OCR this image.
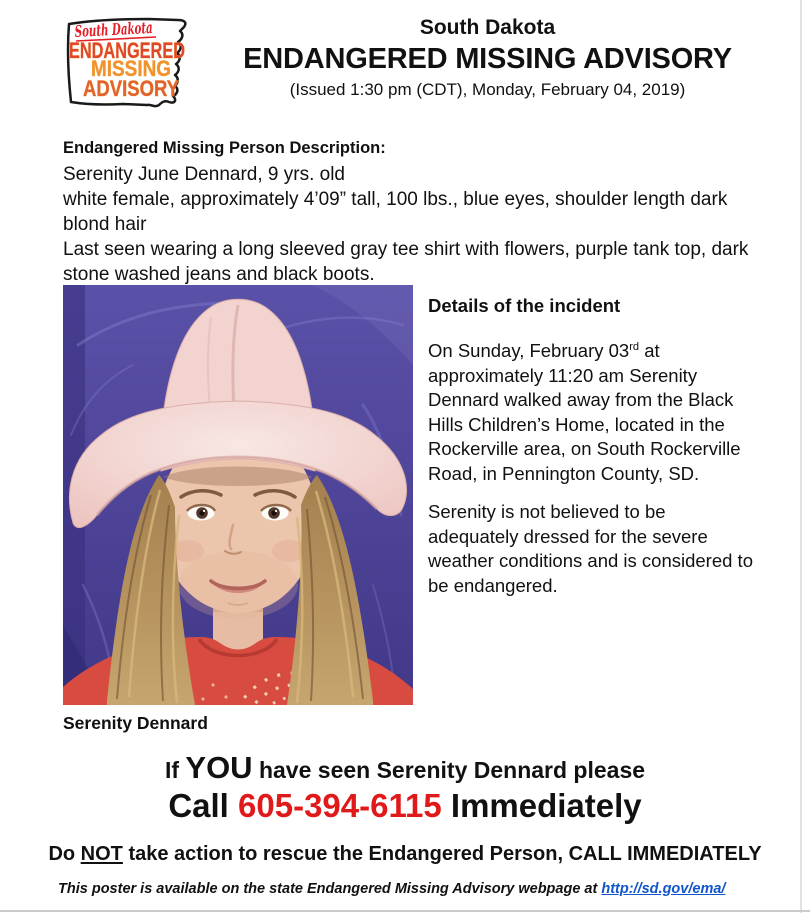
South Dakota
ENDANGERED
MISSING
ADVISORY
South Dakota
ENDANGERED MISSING ADVISORY
(Issued 1:30 pm (CDT), Monday, February 04, 2019)
Endangered Missing Person Description:
Serenity June Dennard, 9 yrs. old
white female, approximately 4’09” tall, 100 lbs., blue eyes, shoulder length dark blond hair
Last seen wearing a long sleeved gray tee shirt with flowers, purple tank top, dark stone washed jeans and black boots.
Serenity Dennard
Details of the incident

On Sunday, February 03rd at approximately 11:20 am Serenity Dennard walked away from the Black Hills Children’s Home, located in the Rockerville area, on South Rockerville Road, in Pennington County, SD.

Serenity is not believed to be adequately dressed for the severe weather conditions and is considered to be endangered.

If YOU have seen Serenity Dennard please
Call 605-394-6115 Immediately
Do NOT take action to rescue the Endangered Person, CALL IMMEDIATELY
This poster is available on the state Endangered Missing Advisory webpage at http://sd.gov/ema/
